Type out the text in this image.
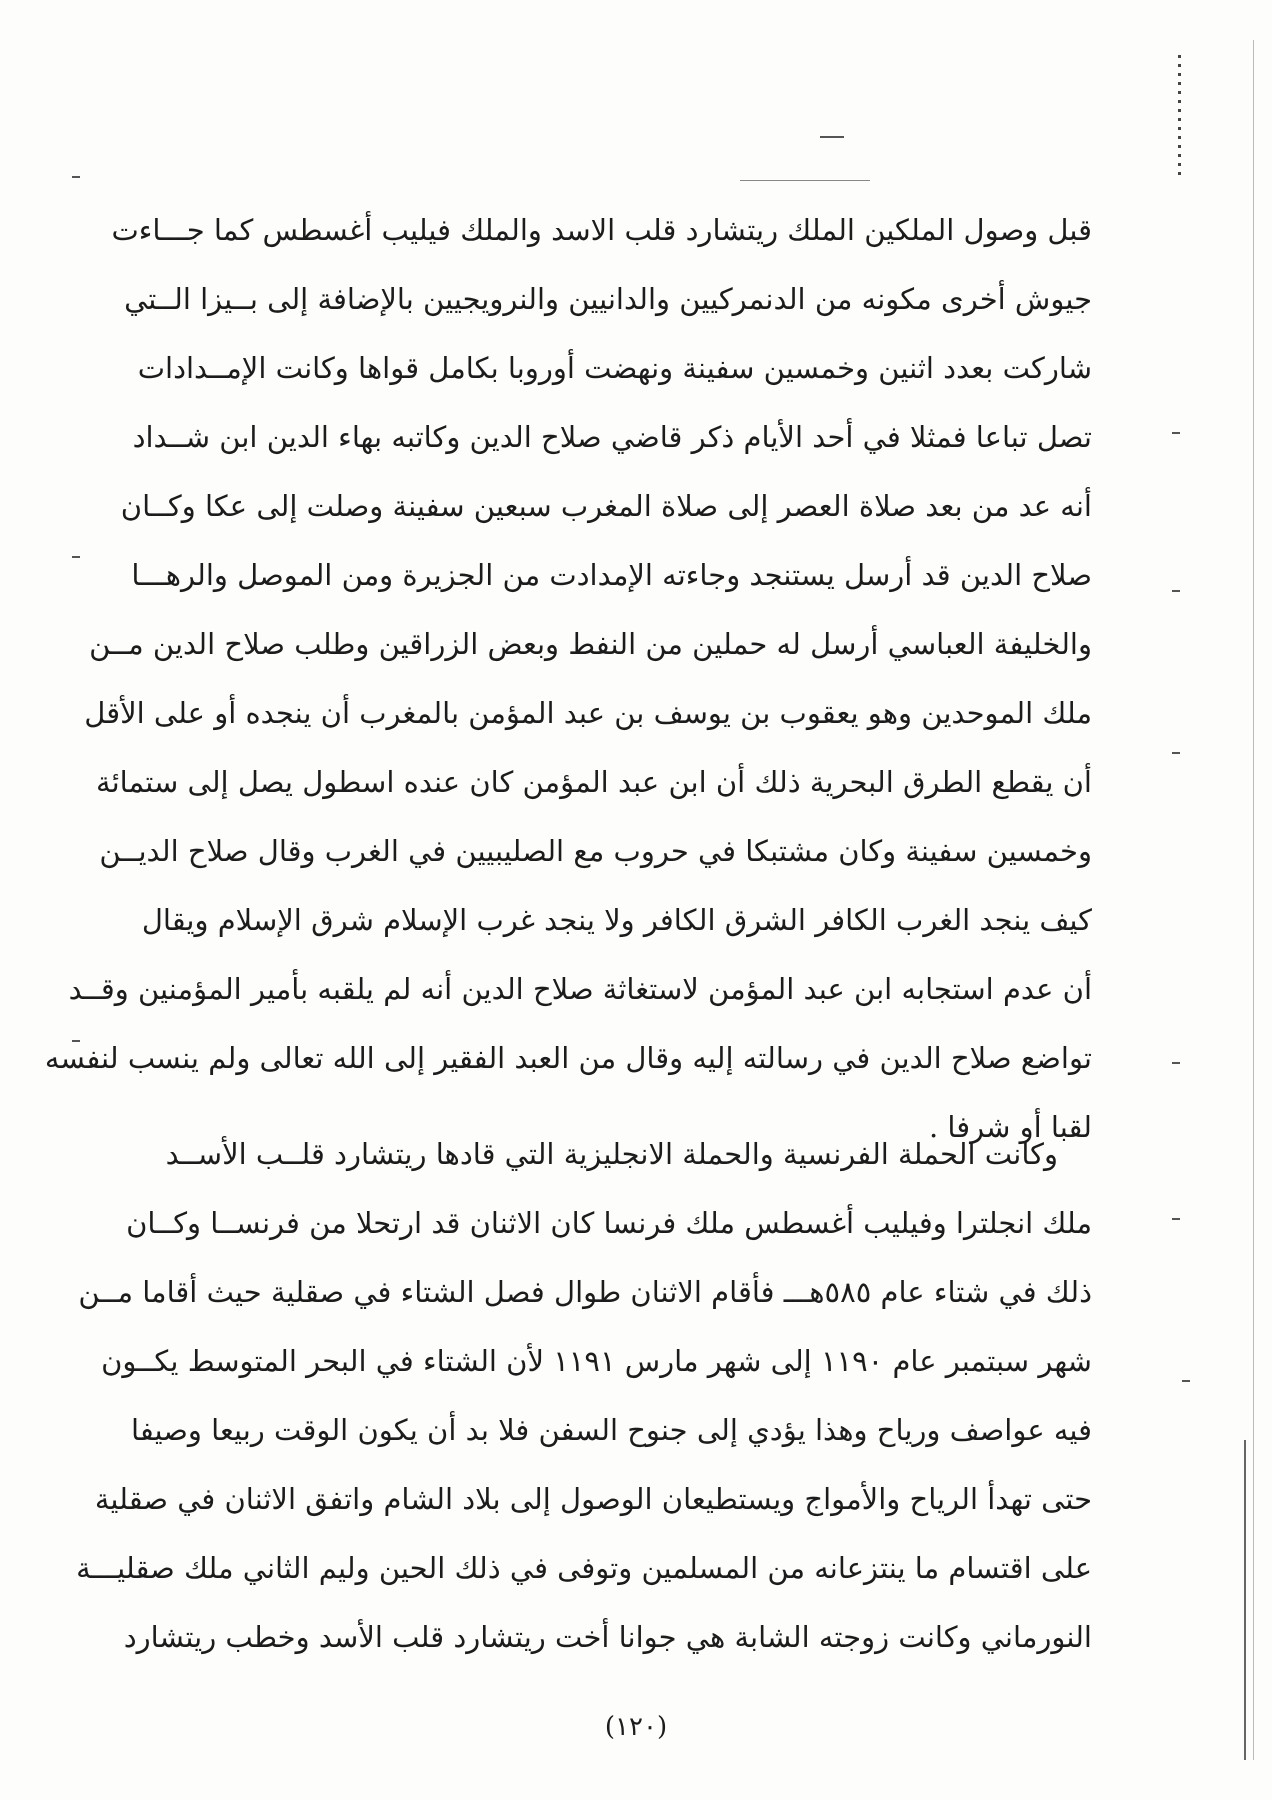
قبل وصول الملكين الملك ريتشارد قلب الاسد والملك فيليب أغسطس كما جـــاءت
جيوش أخرى مكونه من الدنمركيين والدانيين والنرويجيين بالإضافة إلى بــيزا الــتي
شاركت بعدد اثنين وخمسين سفينة ونهضت أوروبا بكامل قواها وكانت الإمــدادات
تصل تباعا فمثلا في أحد الأيام ذكر قاضي صلاح الدين وكاتبه بهاء الدين ابن شــداد
أنه عد من بعد صلاة العصر إلى صلاة المغرب سبعين سفينة وصلت إلى عكا وكــان
صلاح الدين قد أرسل يستنجد وجاءته الإمدادت من الجزيرة ومن الموصل والرهـــا
والخليفة العباسي أرسل له حملين من النفط وبعض الزراقين وطلب صلاح الدين مــن
ملك الموحدين وهو يعقوب بن يوسف بن عبد المؤمن بالمغرب أن ينجده أو على الأقل
أن يقطع الطرق البحرية ذلك أن ابن عبد المؤمن كان عنده اسطول يصل إلى ستمائة
وخمسين سفينة وكان مشتبكا في حروب مع الصليبيين في الغرب وقال صلاح الديــن
كيف ينجد الغرب الكافر الشرق الكافر ولا ينجد غرب الإسلام شرق الإسلام ويقال
أن عدم استجابه ابن عبد المؤمن لاستغاثة صلاح الدين أنه لم يلقبه بأمير المؤمنين وقــد
تواضع صلاح الدين في رسالته إليه وقال من العبد الفقير إلى الله تعالى ولم ينسب لنفسه
لقبا أو شرفا .
وكانت الحملة الفرنسية والحملة الانجليزية التي قادها ريتشارد قلــب الأســد
ملك انجلترا وفيليب أغسطس ملك فرنسا كان الاثنان قد ارتحلا من فرنســا وكــان
ذلك في شتاء عام ٥٨٥هـــ فأقام الاثنان طوال فصل الشتاء في صقلية حيث أقاما مــن
شهر سبتمبر عام ١١٩٠ إلى شهر مارس ١١٩١ لأن الشتاء في البحر المتوسط يكــون
فيه عواصف ورياح وهذا يؤدي إلى جنوح السفن فلا بد أن يكون الوقت ربيعا وصيفا
حتى تهدأ الرياح والأمواج ويستطيعان الوصول إلى بلاد الشام واتفق الاثنان في صقلية
على اقتسام ما ينتزعانه من المسلمين وتوفى في ذلك الحين وليم الثاني ملك صقليـــة
النورماني وكانت زوجته الشابة هي جوانا أخت ريتشارد قلب الأسد وخطب ريتشارد
(١٢٠)
